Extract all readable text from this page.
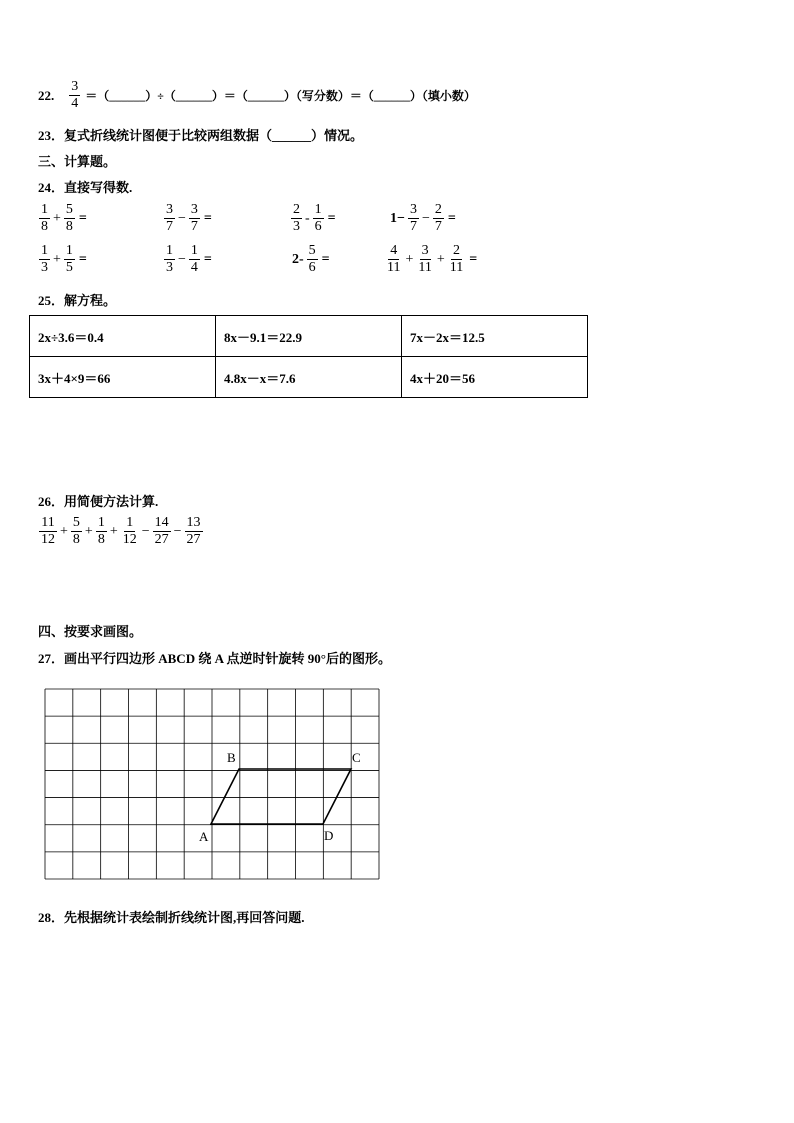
22. $\frac{3}{4}$ ＝（______）÷（______）＝（______）（写分数）＝（______）（填小数）
23．复式折线统计图便于比较两组数据（______）情况。
三、计算题。
24．直接写得数.
$\frac{1}{8} + \frac{5}{8}$ =	$\frac{3}{7} - \frac{3}{7}$ =	$\frac{2}{3} - \frac{1}{6}$ =	$1- \frac{3}{7} - \frac{2}{7}$ =
$\frac{1}{3} + \frac{1}{5}$ =	$\frac{1}{3} - \frac{1}{4}$ =	$2- \frac{5}{6}$ =	$\frac{4}{11} + \frac{3}{11} + \frac{2}{11}$ =
25．解方程。
2x÷3.6＝0.4	8x－9.1＝22.9	7x－2x＝12.5
3x＋4×9＝66	4.8x－x＝7.6	4x＋20＝56
26．用简便方法计算.
$\frac{11}{12} + \frac{5}{8} + \frac{1}{8} + \frac{1}{12} - \frac{14}{27} - \frac{13}{27}$
四、按要求画图。
27．画出平行四边形 ABCD 绕 A 点逆时针旋转 90°后的图形。
A
B	C
D
28．先根据统计表绘制折线统计图,再回答问题.
